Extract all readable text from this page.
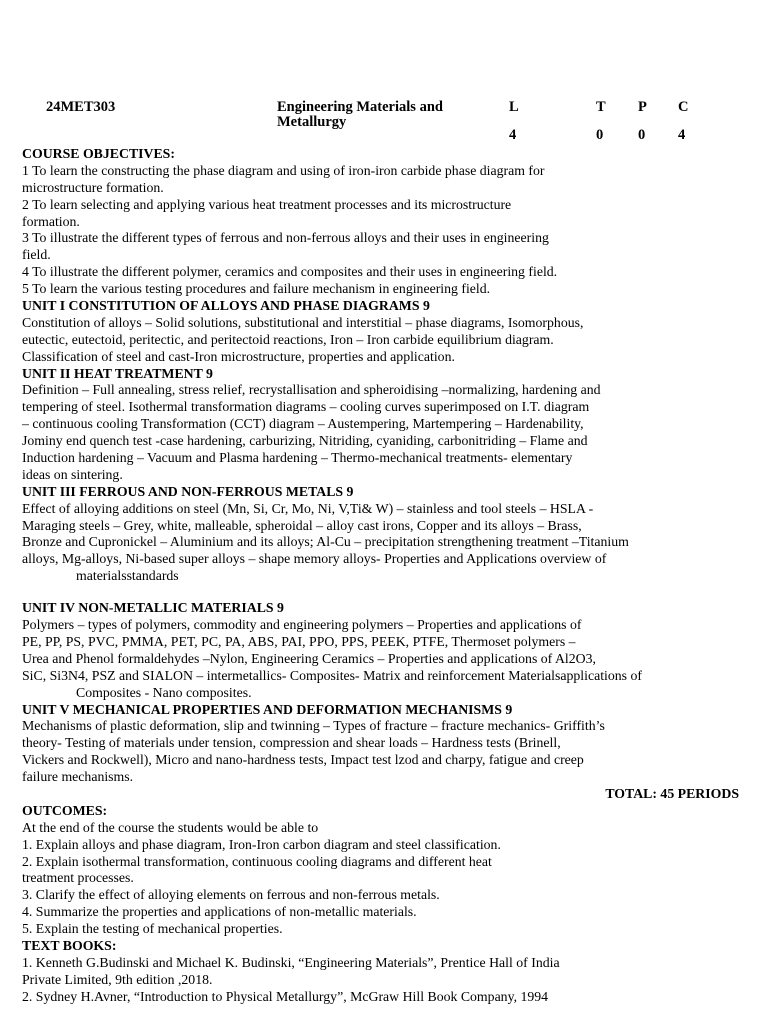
24MET303	Engineering Materials and
Metallurgy
L	T P C
4	0 0 4
COURSE OBJECTIVES:
1 To learn the constructing the phase diagram and using of iron-iron carbide phase diagram for
microstructure formation.
2 To learn selecting and applying various heat treatment processes and its microstructure
formation.
3 To illustrate the different types of ferrous and non-ferrous alloys and their uses in engineering
field.
4 To illustrate the different polymer, ceramics and composites and their uses in engineering field.
5 To learn the various testing procedures and failure mechanism in engineering field.
UNIT I CONSTITUTION OF ALLOYS AND PHASE DIAGRAMS 9
Constitution of alloys – Solid solutions, substitutional and interstitial – phase diagrams, Isomorphous,
eutectic, eutectoid, peritectic, and peritectoid reactions, Iron – Iron carbide equilibrium diagram.
Classification of steel and cast-Iron microstructure, properties and application.
UNIT II HEAT TREATMENT 9
Definition – Full annealing, stress relief, recrystallisation and spheroidising –normalizing, hardening and
tempering of steel. Isothermal transformation diagrams – cooling curves superimposed on I.T. diagram
– continuous cooling Transformation (CCT) diagram – Austempering, Martempering – Hardenability,
Jominy end quench test -case hardening, carburizing, Nitriding, cyaniding, carbonitriding – Flame and
Induction hardening – Vacuum and Plasma hardening – Thermo-mechanical treatments- elementary
ideas on sintering.
UNIT III FERROUS AND NON-FERROUS METALS 9
Effect of alloying additions on steel (Mn, Si, Cr, Mo, Ni, V,Ti& W) – stainless and tool steels – HSLA -
Maraging steels – Grey, white, malleable, spheroidal – alloy cast irons, Copper and its alloys – Brass,
Bronze and Cupronickel – Aluminium and its alloys; Al-Cu – precipitation strengthening treatment –Titanium
alloys, Mg-alloys, Ni-based super alloys – shape memory alloys- Properties and Applications overview of
materialsstandards
UNIT IV NON-METALLIC MATERIALS 9
Polymers – types of polymers, commodity and engineering polymers – Properties and applications of
PE, PP, PS, PVC, PMMA, PET, PC, PA, ABS, PAI, PPO, PPS, PEEK, PTFE, Thermoset polymers –
Urea and Phenol formaldehydes –Nylon, Engineering Ceramics – Properties and applications of Al2O3,
SiC, Si3N4, PSZ and SIALON – intermetallics- Composites- Matrix and reinforcement Materialsapplications of
Composites - Nano composites.
UNIT V MECHANICAL PROPERTIES AND DEFORMATION MECHANISMS 9
Mechanisms of plastic deformation, slip and twinning – Types of fracture – fracture mechanics- Griffith’s
theory- Testing of materials under tension, compression and shear loads – Hardness tests (Brinell,
Vickers and Rockwell), Micro and nano-hardness tests, Impact test lzod and charpy, fatigue and creep
failure mechanisms.
TOTAL: 45 PERIODS
OUTCOMES:
At the end of the course the students would be able to
1. Explain alloys and phase diagram, Iron-Iron carbon diagram and steel classification.
2. Explain isothermal transformation, continuous cooling diagrams and different heat
treatment processes.
3. Clarify the effect of alloying elements on ferrous and non-ferrous metals.
4. Summarize the properties and applications of non-metallic materials.
5. Explain the testing of mechanical properties.
TEXT BOOKS:
1. Kenneth G.Budinski and Michael K. Budinski, “Engineering Materials”, Prentice Hall of India
Private Limited, 9th edition ,2018.
2. Sydney H.Avner, “Introduction to Physical Metallurgy”, McGraw Hill Book Company, 1994
